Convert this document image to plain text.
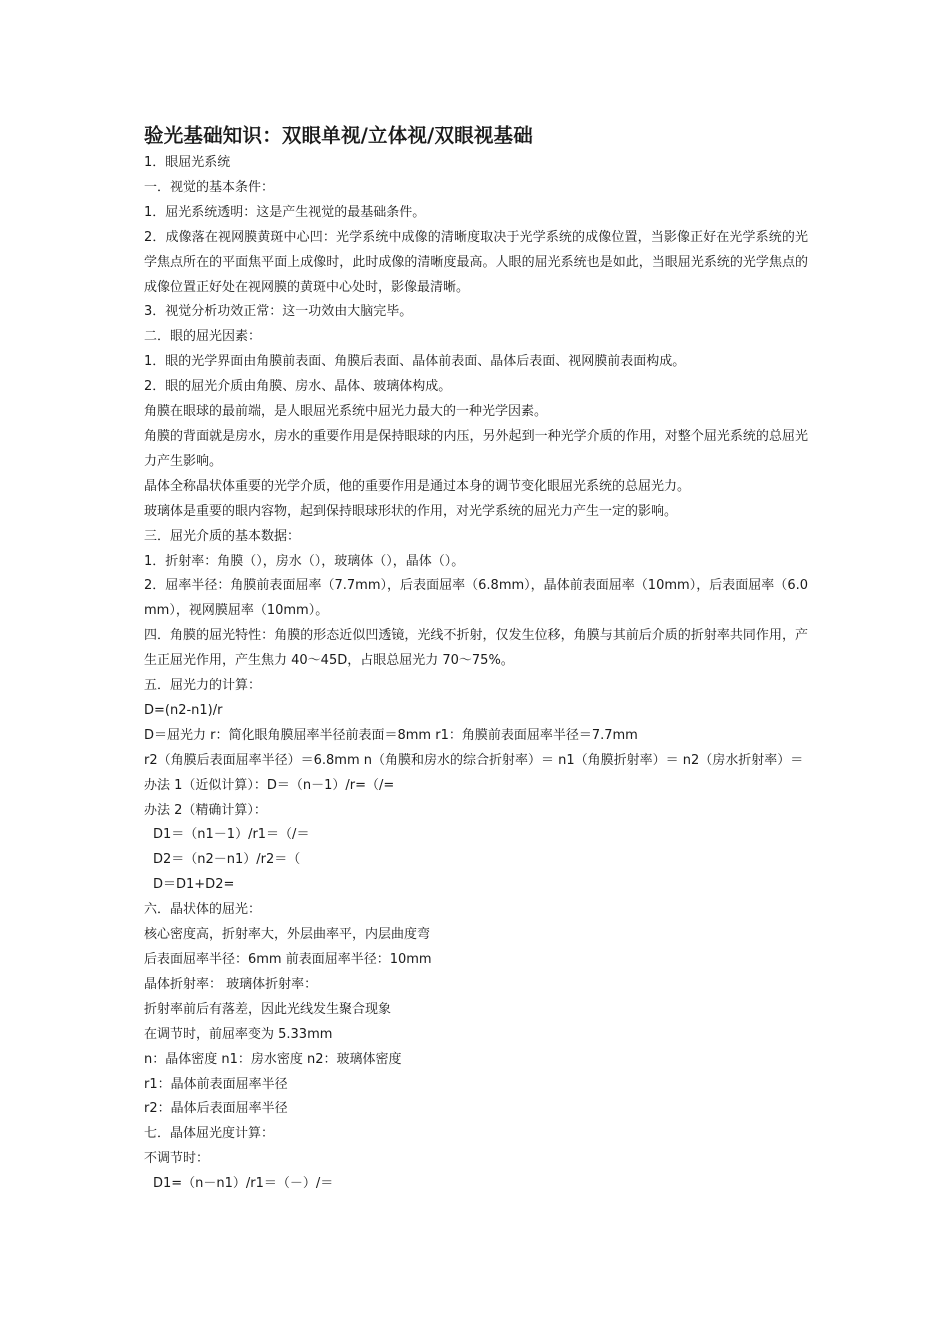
验光基础知识：双眼单视/立体视/双眼视基础

1．眼屈光系统

一．视觉的基本条件：

1．屈光系统透明：这是产生视觉的最基础条件。

2．成像落在视网膜黄斑中心凹：光学系统中成像的清晰度取决于光学系统的成像位置，当影像正好在光学系统的光学焦点所在的平面焦平面上成像时，此时成像的清晰度最高。人眼的屈光系统也是如此，当眼屈光系统的光学焦点的成像位置正好处在视网膜的黄斑中心处时，影像最清晰。

3．视觉分析功效正常：这一功效由大脑完毕。

二．眼的屈光因素：

1．眼的光学界面由角膜前表面、角膜后表面、晶体前表面、晶体后表面、视网膜前表面构成。

2．眼的屈光介质由角膜、房水、晶体、玻璃体构成。

角膜在眼球的最前端，是人眼屈光系统中屈光力最大的一种光学因素。

角膜的背面就是房水，房水的重要作用是保持眼球的内压，另外起到一种光学介质的作用，对整个屈光系统的总屈光力产生影响。

晶体全称晶状体重要的光学介质，他的重要作用是通过本身的调节变化眼屈光系统的总屈光力。

玻璃体是重要的眼内容物，起到保持眼球形状的作用，对光学系统的屈光力产生一定的影响。

三．屈光介质的基本数据：

1．折射率：角膜（），房水（），玻璃体（），晶体（）。

2．屈率半径：角膜前表面屈率（7.7mm），后表面屈率（6.8mm），晶体前表面屈率（10mm），后表面屈率（6.0mm），视网膜屈率（10mm）。

四．角膜的屈光特性：角膜的形态近似凹透镜，光线不折射，仅发生位移，角膜与其前后介质的折射率共同作用，产生正屈光作用，产生焦力 40～45D，占眼总屈光力 70～75%。

五．屈光力的计算：

D=(n2-n1)/r

D＝屈光力 r：简化眼角膜屈率半径前表面＝8mm r1：角膜前表面屈率半径＝7.7mm

r2（角膜后表面屈率半径）＝6.8mm n（角膜和房水的综合折射率）＝ n1（角膜折射率）＝ n2（房水折射率）＝

办法 1（近似计算）：D＝（n－1）/r=（/=

办法 2（精确计算）：

D1＝（n1－1）/r1＝（/＝

D2＝（n2－n1）/r2＝（

D＝D1+D2=

六．晶状体的屈光：

核心密度高，折射率大，外层曲率平，内层曲度弯

后表面屈率半径：6mm 前表面屈率半径：10mm

晶体折射率： 玻璃体折射率：

折射率前后有落差，因此光线发生聚合现象

在调节时，前屈率变为 5.33mm

n：晶体密度 n1：房水密度 n2：玻璃体密度

r1：晶体前表面屈率半径

r2：晶体后表面屈率半径

七．晶体屈光度计算：

不调节时：

D1=（n－n1）/r1＝（－）/＝
